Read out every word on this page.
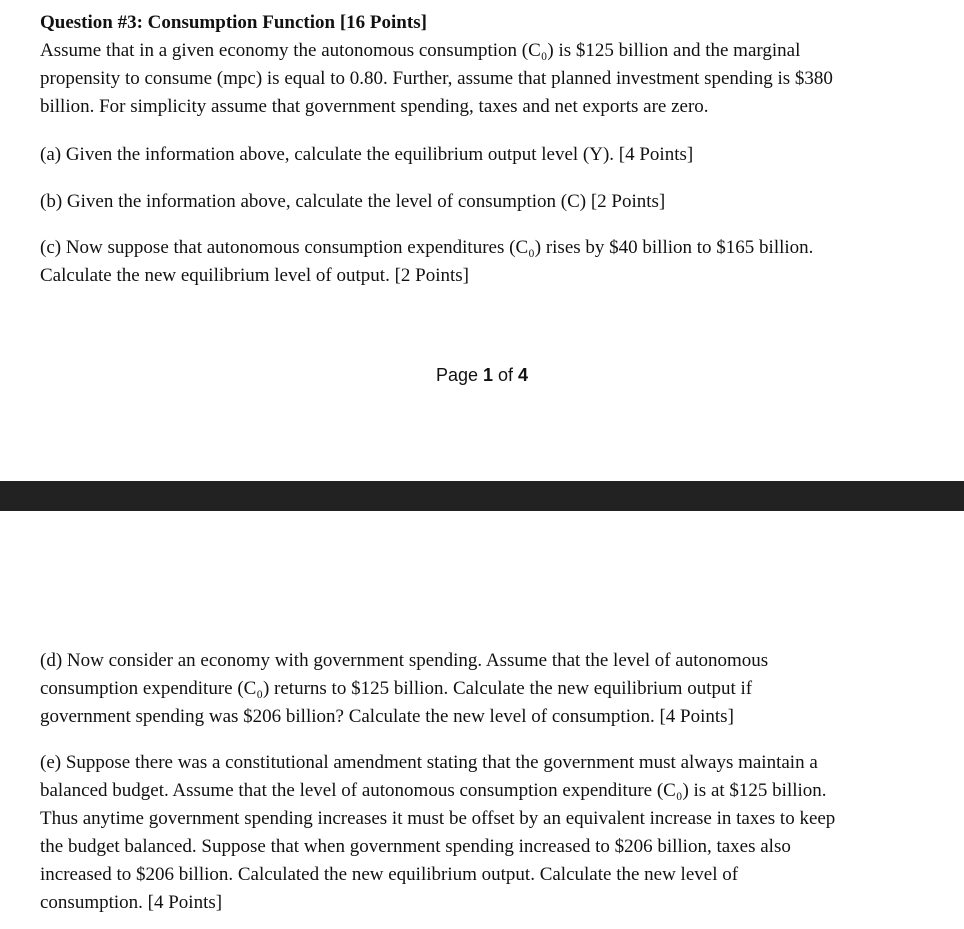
Question #3: Consumption Function [16 Points]
Assume that in a given economy the autonomous consumption (C₀) is $125 billion and the marginal
propensity to consume (mpc) is equal to 0.80. Further, assume that planned investment spending is $380
billion. For simplicity assume that government spending, taxes and net exports are zero.
(a) Given the information above, calculate the equilibrium output level (Y). [4 Points]
(b) Given the information above, calculate the level of consumption (C) [2 Points]
(c) Now suppose that autonomous consumption expenditures (C₀) rises by $40 billion to $165 billion.
Calculate the new equilibrium level of output. [2 Points]
Page 1 of 4
(d) Now consider an economy with government spending. Assume that the level of autonomous
consumption expenditure (C₀) returns to $125 billion. Calculate the new equilibrium output if
government spending was $206 billion? Calculate the new level of consumption. [4 Points]
(e) Suppose there was a constitutional amendment stating that the government must always maintain a
balanced budget. Assume that the level of autonomous consumption expenditure (C₀) is at $125 billion.
Thus anytime government spending increases it must be offset by an equivalent increase in taxes to keep
the budget balanced. Suppose that when government spending increased to $206 billion, taxes also
increased to $206 billion. Calculated the new equilibrium output. Calculate the new level of
consumption. [4 Points]
